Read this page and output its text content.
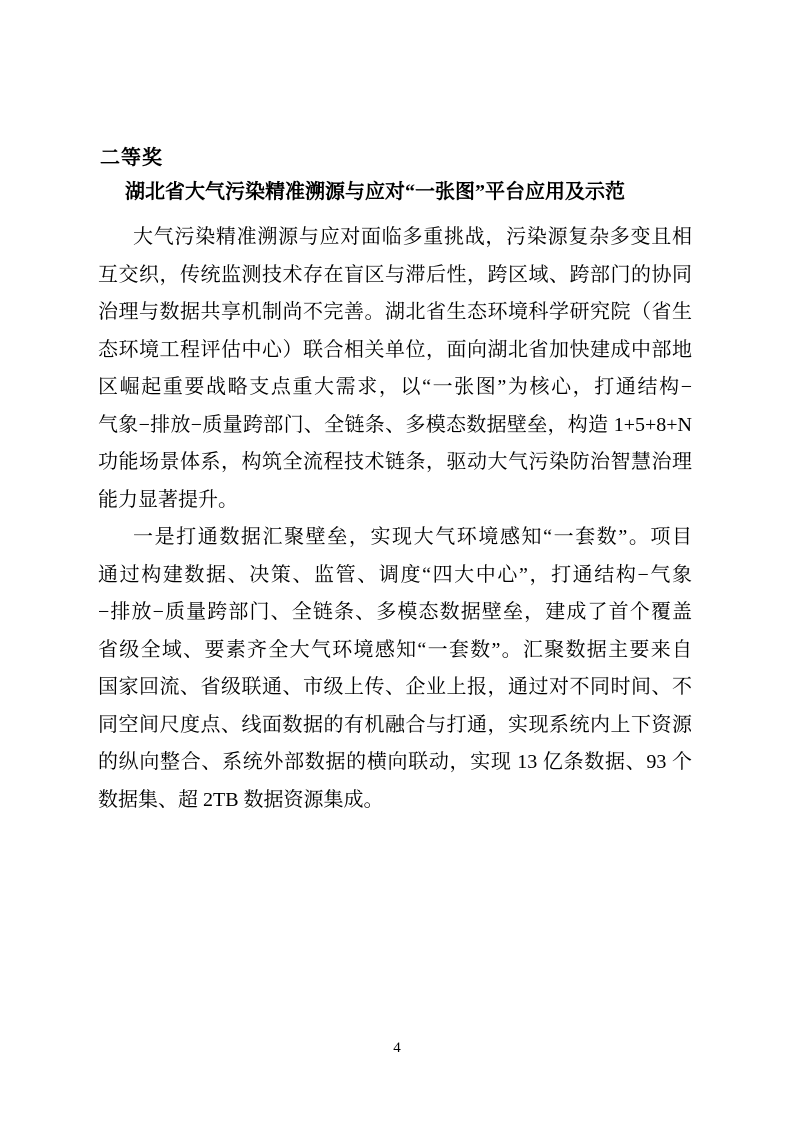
二等奖
湖北省大气污染精准溯源与应对“一张图”平台应用及示范
大气污染精准溯源与应对面临多重挑战，污染源复杂多变且相
互交织，传统监测技术存在盲区与滞后性，跨区域、跨部门的协同
治理与数据共享机制尚不完善。湖北省生态环境科学研究院（省生
态环境工程评估中心）联合相关单位，面向湖北省加快建成中部地
区崛起重要战略支点重大需求，以“一张图”为核心，打通结构−
气象−排放−质量跨部门、全链条、多模态数据壁垒，构造 1+5+8+N
功能场景体系，构筑全流程技术链条，驱动大气污染防治智慧治理
能力显著提升。
一是打通数据汇聚壁垒，实现大气环境感知“一套数”。项目
通过构建数据、决策、监管、调度“四大中心”，打通结构−气象
−排放−质量跨部门、全链条、多模态数据壁垒，建成了首个覆盖
省级全域、要素齐全大气环境感知“一套数”。汇聚数据主要来自
国家回流、省级联通、市级上传、企业上报，通过对不同时间、不
同空间尺度点、线面数据的有机融合与打通，实现系统内上下资源
的纵向整合、系统外部数据的横向联动，实现 13 亿条数据、93 个
数据集、超 2TB 数据资源集成。
4
